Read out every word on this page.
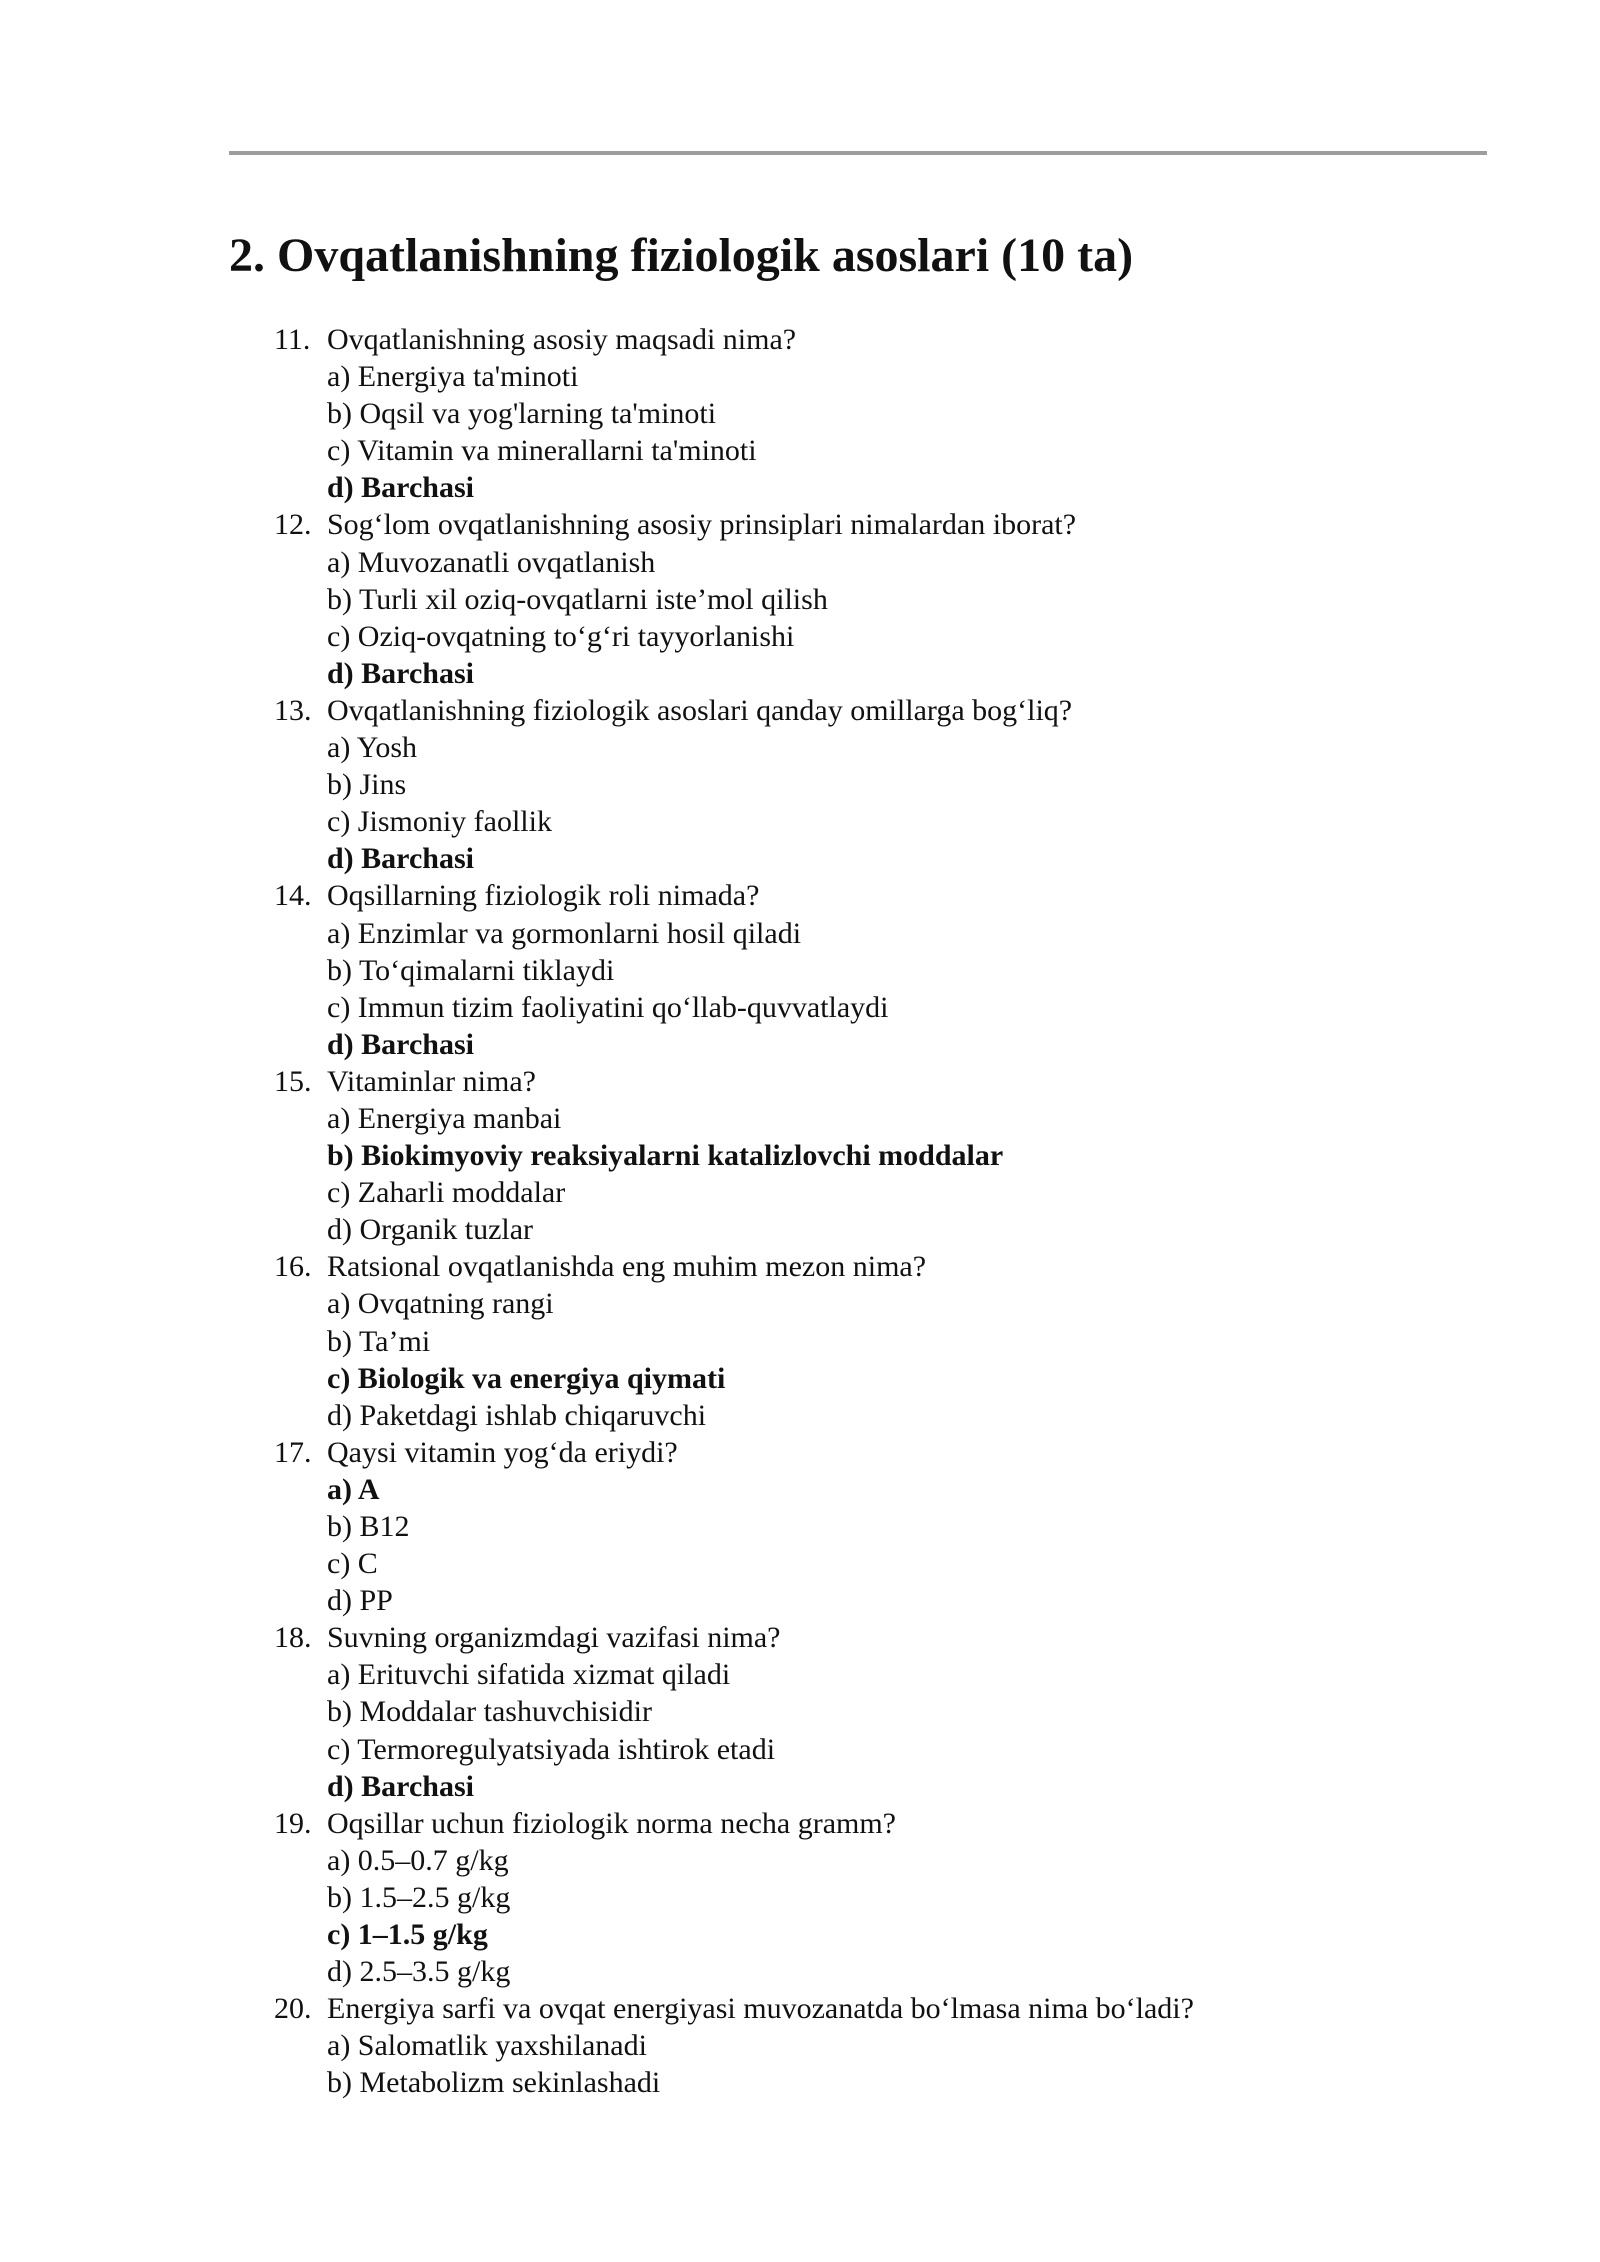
2. Ovqatlanishning fiziologik asoslari (10 ta)
11. Ovqatlanishning asosiy maqsadi nima?
a) Energiya ta'minoti
b) Oqsil va yog'larning ta'minoti
c) Vitamin va minerallarni ta'minoti
d) Barchasi
12. Sog‘lom ovqatlanishning asosiy prinsiplari nimalardan iborat?
a) Muvozanatli ovqatlanish
b) Turli xil oziq-ovqatlarni iste’mol qilish
c) Oziq-ovqatning to‘g‘ri tayyorlanishi
d) Barchasi
13. Ovqatlanishning fiziologik asoslari qanday omillarga bog‘liq?
a) Yosh
b) Jins
c) Jismoniy faollik
d) Barchasi
14. Oqsillarning fiziologik roli nimada?
a) Enzimlar va gormonlarni hosil qiladi
b) To‘qimalarni tiklaydi
c) Immun tizim faoliyatini qo‘llab-quvvatlaydi
d) Barchasi
15. Vitaminlar nima?
a) Energiya manbai
b) Biokimyoviy reaksiyalarni katalizlovchi moddalar
c) Zaharli moddalar
d) Organik tuzlar
16. Ratsional ovqatlanishda eng muhim mezon nima?
a) Ovqatning rangi
b) Ta’mi
c) Biologik va energiya qiymati
d) Paketdagi ishlab chiqaruvchi
17. Qaysi vitamin yog‘da eriydi?
a) A
b) B12
c) C
d) PP
18. Suvning organizmdagi vazifasi nima?
a) Erituvchi sifatida xizmat qiladi
b) Moddalar tashuvchisidir
c) Termoregulyatsiyada ishtirok etadi
d) Barchasi
19. Oqsillar uchun fiziologik norma necha gramm?
a) 0.5–0.7 g/kg
b) 1.5–2.5 g/kg
c) 1–1.5 g/kg
d) 2.5–3.5 g/kg
20. Energiya sarfi va ovqat energiyasi muvozanatda bo‘lmasa nima bo‘ladi?
a) Salomatlik yaxshilanadi
b) Metabolizm sekinlashadi
